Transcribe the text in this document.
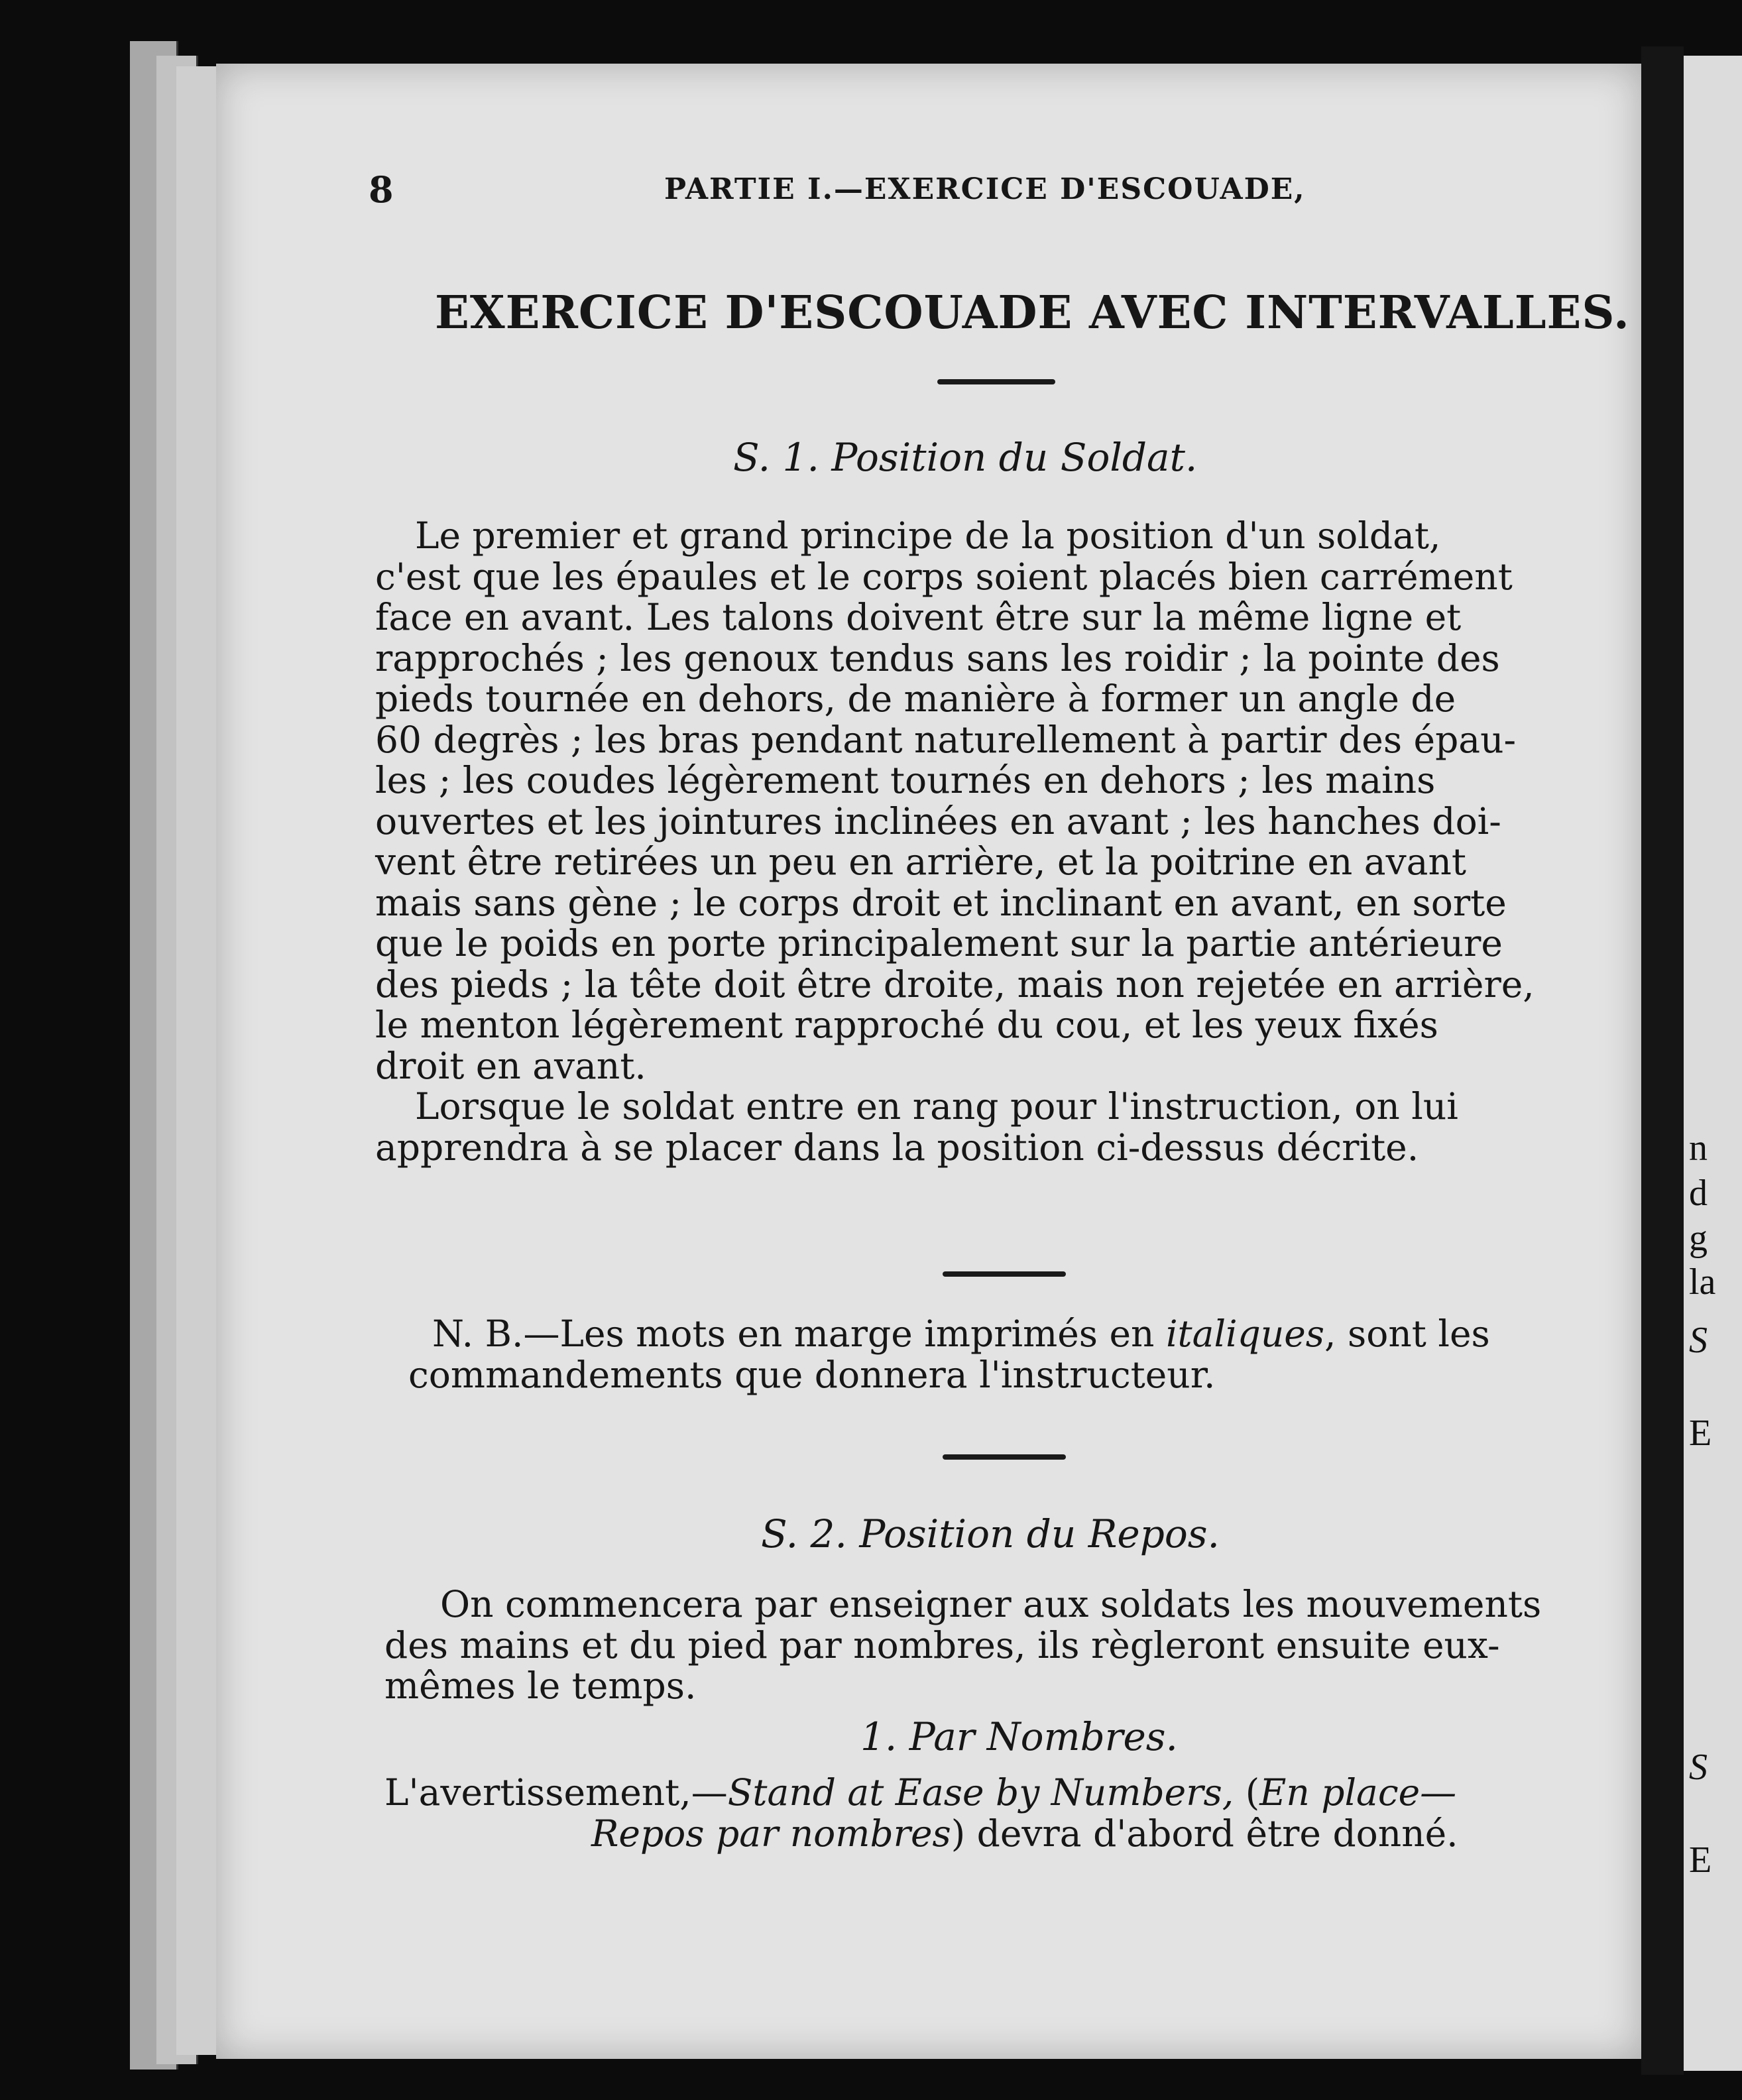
n
d
g
la
S
E
S
E
8	PARTIE I.—EXERCICE D'ESCOUADE,
EXERCICE D'ESCOUADE AVEC INTERVALLES.
S. 1. Position du Soldat.
Le premier et grand principe de la position d'un soldat,
c'est que les épaules et le corps soient placés bien carrément
face en avant. Les talons doivent être sur la même ligne et
rapprochés ; les genoux tendus sans les roidir ; la pointe des
pieds tournée en dehors, de manière à former un angle de
60 degrès ; les bras pendant naturellement à partir des épau-
les ; les coudes légèrement tournés en dehors ; les mains
ouvertes et les jointures inclinées en avant ; les hanches doi-
vent être retirées un peu en arrière, et la poitrine en avant
mais sans gène ; le corps droit et inclinant en avant, en sorte
que le poids en porte principalement sur la partie antérieure
des pieds ; la tête doit être droite, mais non rejetée en arrière,
le menton légèrement rapproché du cou, et les yeux fixés
droit en avant.
Lorsque le soldat entre en rang pour l'instruction, on lui
apprendra à se placer dans la position ci-dessus décrite.
N. B.—Les mots en marge imprimés en italiques, sont les
commandements que donnera l'instructeur.
S. 2. Position du Repos.
On commencera par enseigner aux soldats les mouvements
des mains et du pied par nombres, ils règleront ensuite eux-
mêmes le temps.
1. Par Nombres.
L'avertissement,—Stand at Ease by Numbers, (En place—
Repos par nombres) devra d'abord être donné.
